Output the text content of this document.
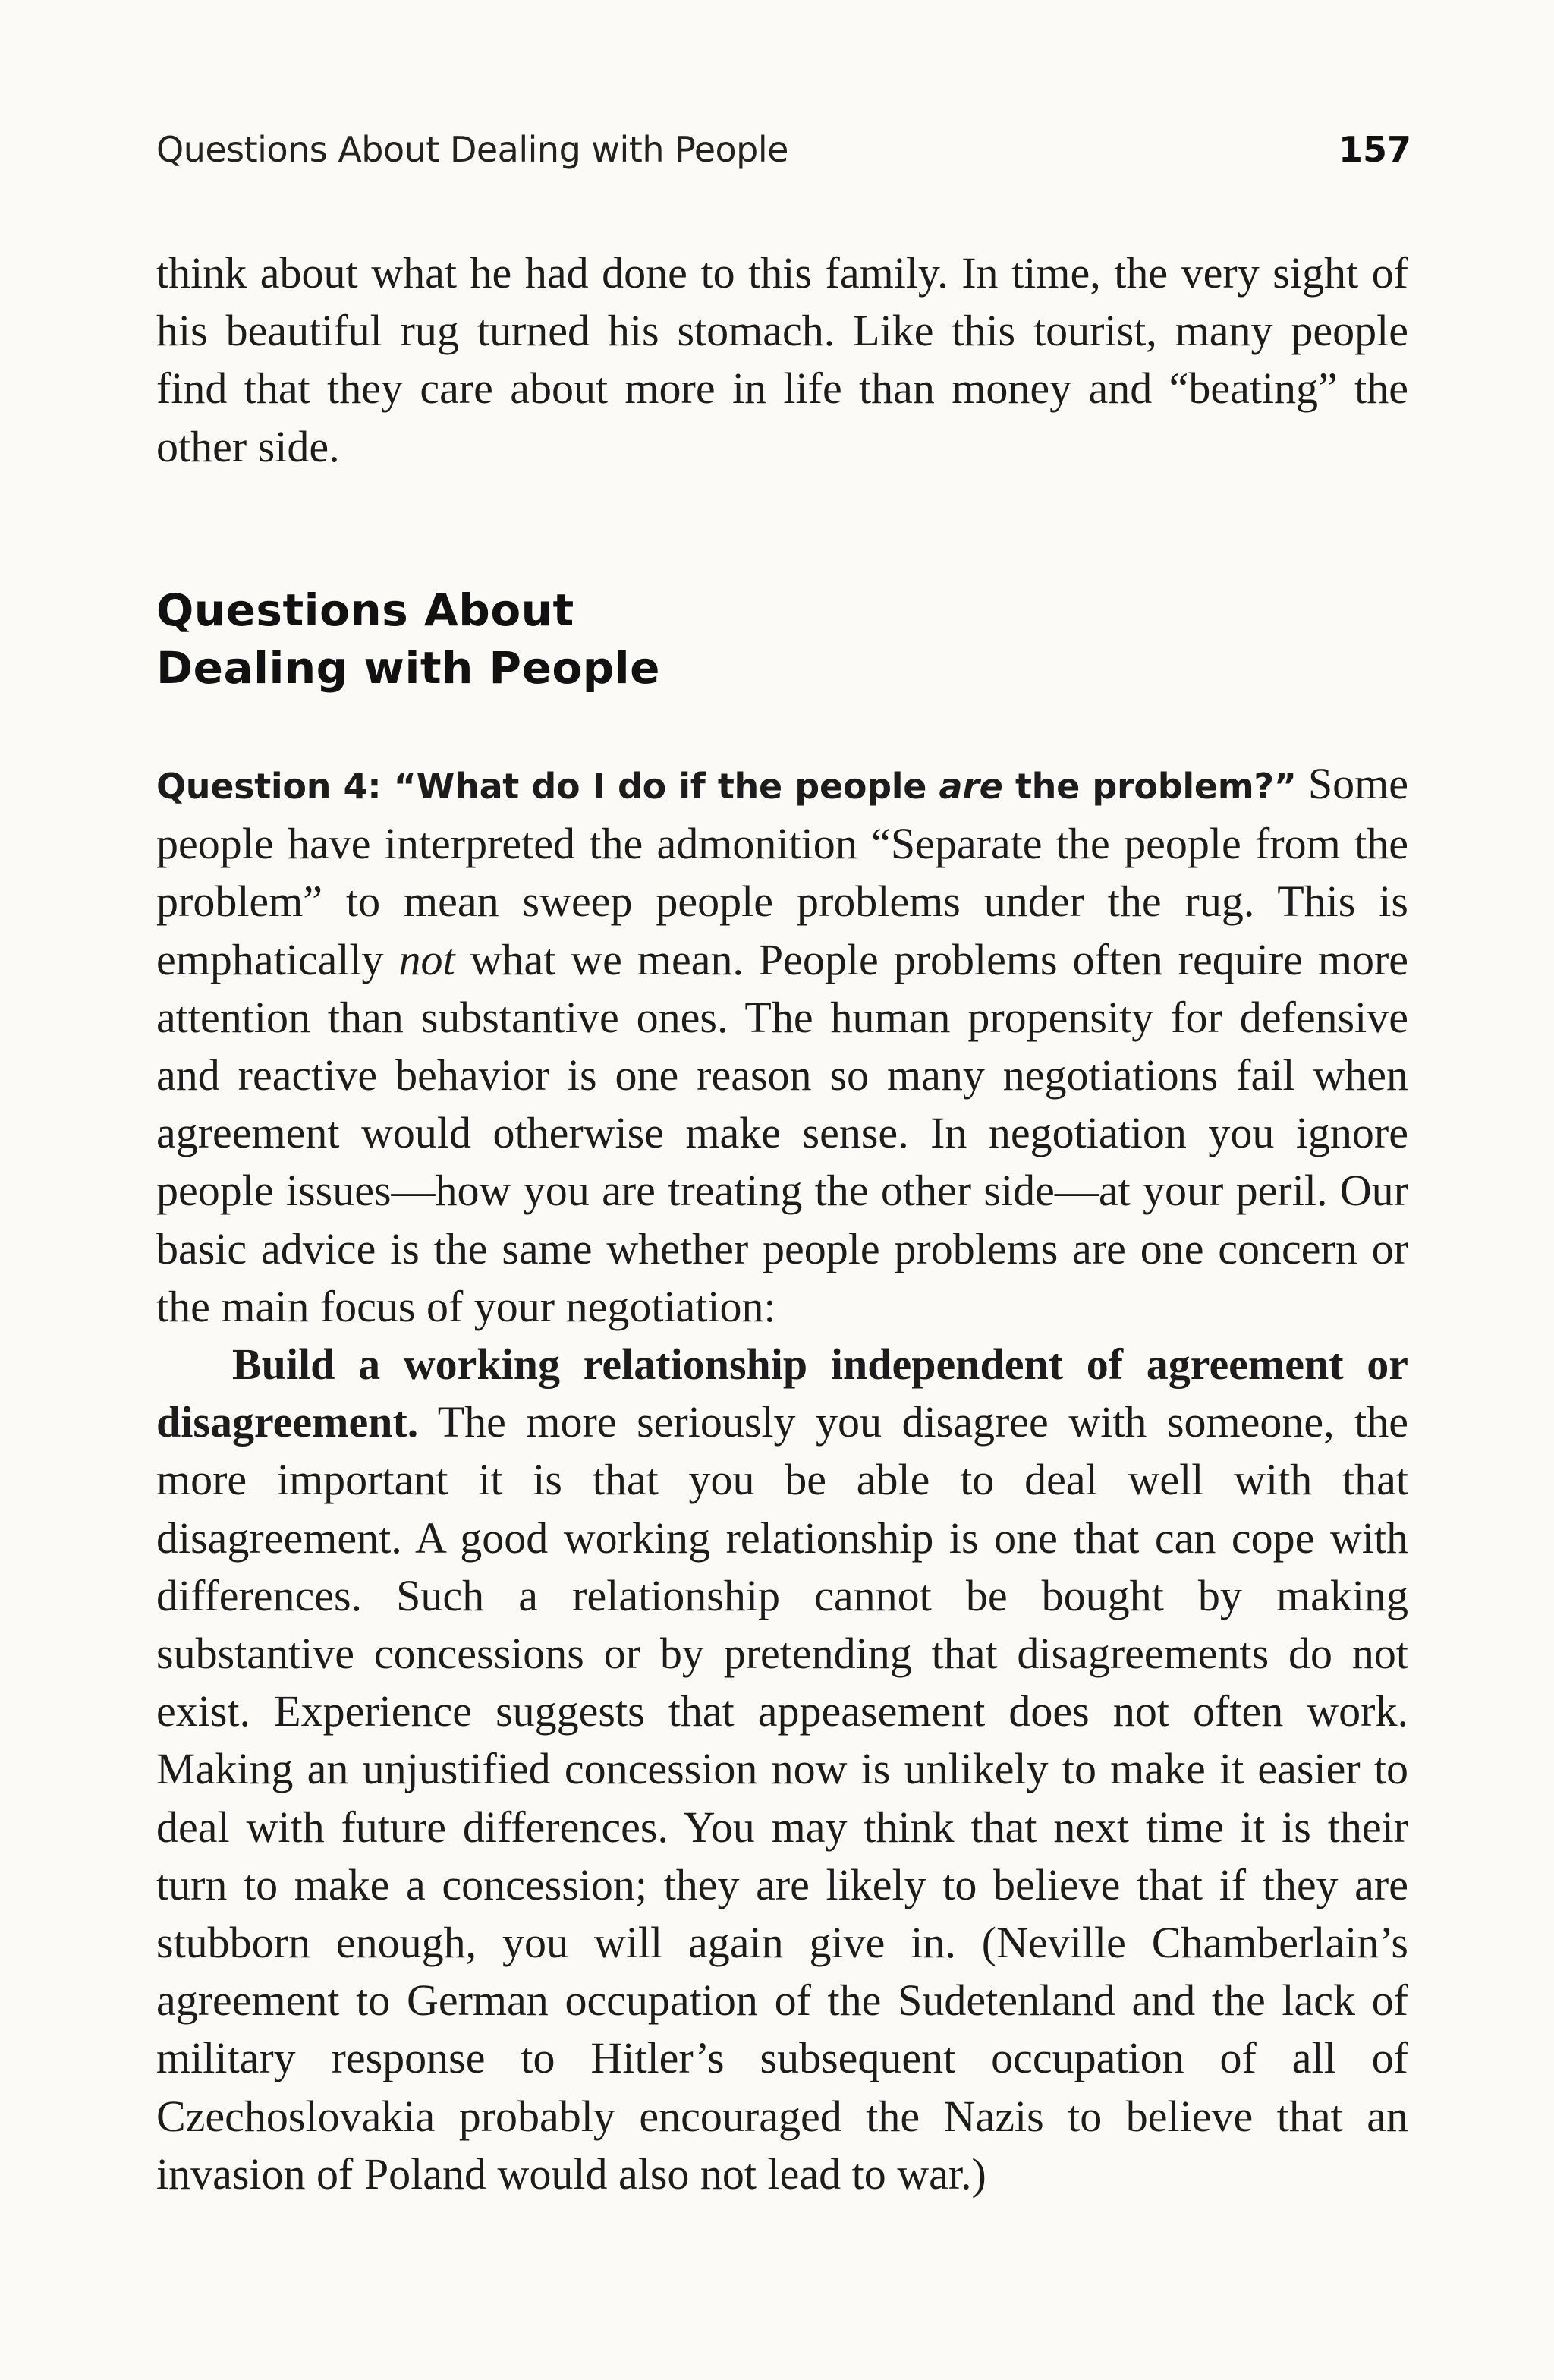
Questions About Dealing with People	157

think about what he had done to this family. In time, the very sight of his beautiful rug turned his stomach. Like this tourist, many people find that they care about more in life than money and “beating” the other side.

Questions About
Dealing with People

Question 4: “What do I do if the people are the problem?” Some people have interpreted the admonition “Separate the people from the problem” to mean sweep people problems under the rug. This is emphatically not what we mean. People problems often require more attention than substantive ones. The human propensity for defensive and reactive behavior is one reason so many negotiations fail when agreement would otherwise make sense. In negotiation you ignore people issues—how you are treating the other side—at your peril. Our basic advice is the same whether people problems are one concern or the main focus of your negotiation:

Build a working relationship independent of agreement or disagreement. The more seriously you disagree with someone, the more important it is that you be able to deal well with that disagreement. A good working relationship is one that can cope with differences. Such a relationship cannot be bought by making substantive concessions or by pretending that disagreements do not exist. Experience suggests that appeasement does not often work. Making an unjustified concession now is unlikely to make it easier to deal with future differences. You may think that next time it is their turn to make a concession; they are likely to believe that if they are stubborn enough, you will again give in. (Neville Chamberlain’s agreement to German occupation of the Sudetenland and the lack of military response to Hitler’s subsequent occupation of all of Czechoslovakia probably encouraged the Nazis to believe that an invasion of Poland would also not lead to war.)
